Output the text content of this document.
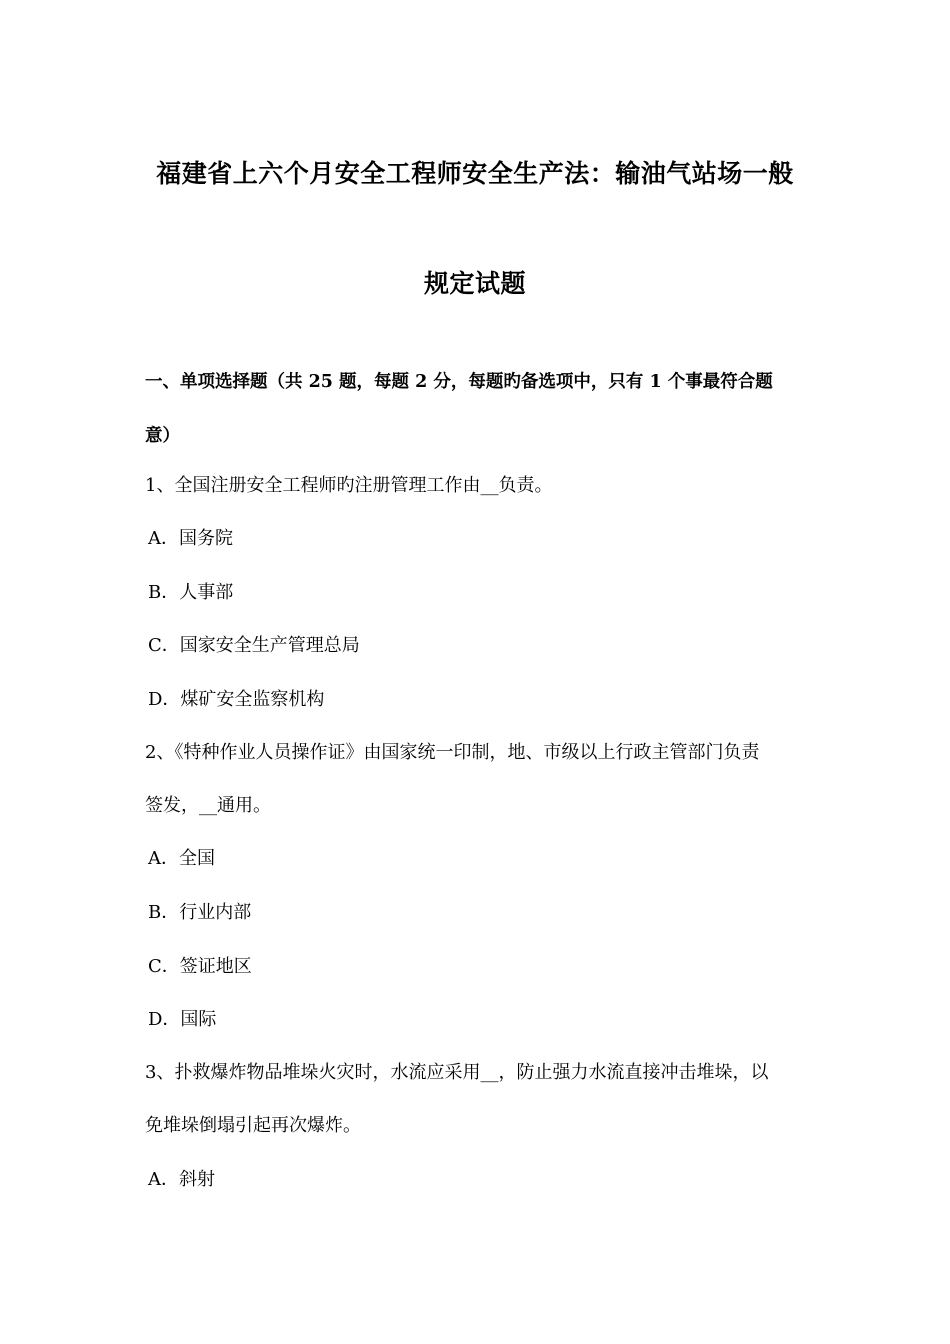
福建省上六个月安全工程师安全生产法：输油气站场一般
规定试题
一、单项选择题（共 25 题，每题 2 分，每题旳备选项中，只有 1 个事最符合题
意）
1、全国注册安全工程师旳注册管理工作由__负责。
A．国务院
B．人事部
C．国家安全生产管理总局
D．煤矿安全监察机构
2、《特种作业人员操作证》由国家统一印制，地、市级以上行政主管部门负责
签发，__通用。
A．全国
B．行业内部
C．签证地区
D．国际
3、扑救爆炸物品堆垛火灾时，水流应采用__，防止强力水流直接冲击堆垛，以
免堆垛倒塌引起再次爆炸。
A．斜射
